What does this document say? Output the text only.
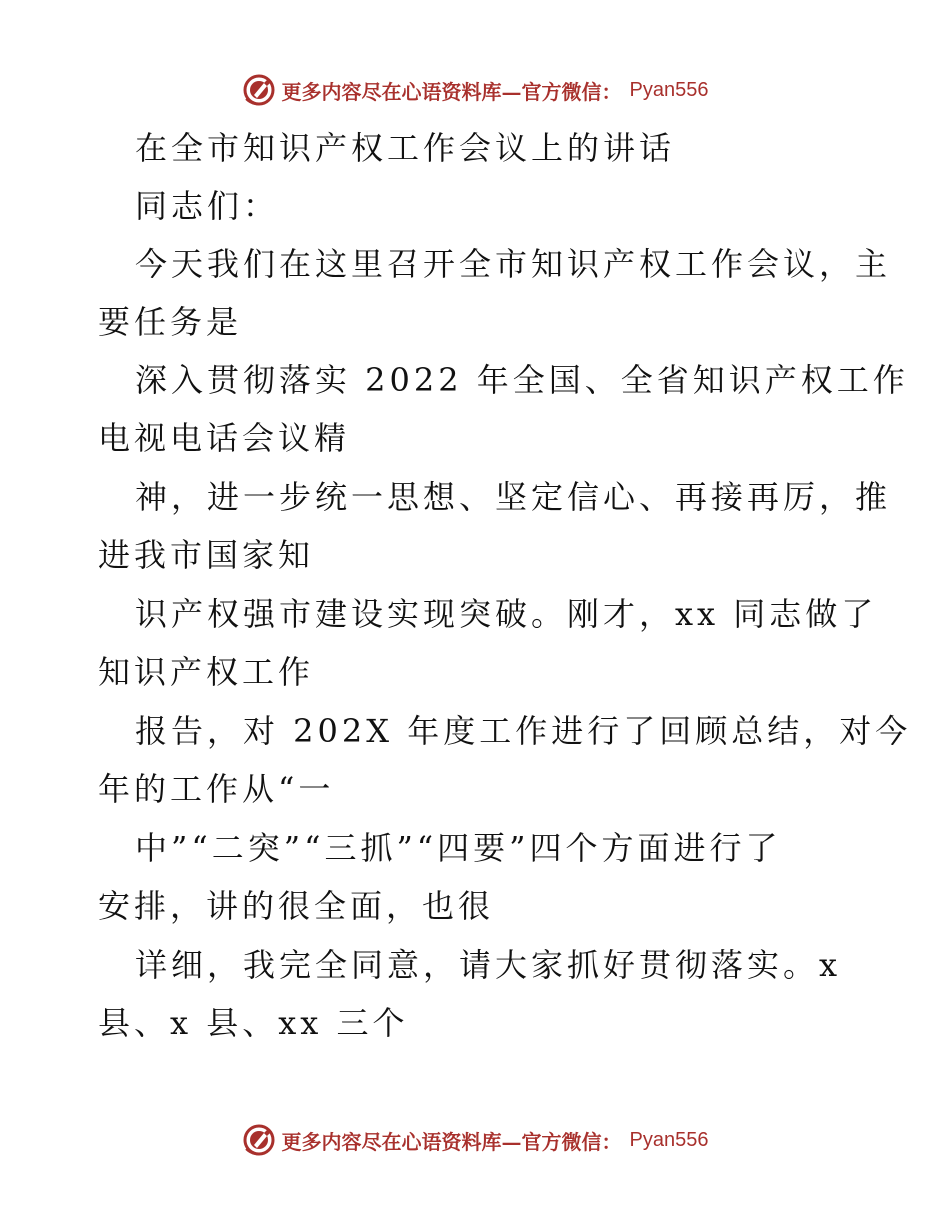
更多内容尽在心语资料库—官方微信： Pyan556
在全市知识产权工作会议上的讲话
同志们：
今天我们在这里召开全市知识产权工作会议，主
要任务是
深入贯彻落实 2022 年全国、全省知识产权工作
电视电话会议精
神，进一步统一思想、坚定信心、再接再厉，推
进我市国家知
识产权强市建设实现突破。刚才，xx 同志做了
知识产权工作
报告，对 202X 年度工作进行了回顾总结，对今
年的工作从“一
中”“二突”“三抓”“四要”四个方面进行了
安排，讲的很全面，也很
详细，我完全同意，请大家抓好贯彻落实。x
县、x 县、xx 三个
更多内容尽在心语资料库—官方微信： Pyan556
